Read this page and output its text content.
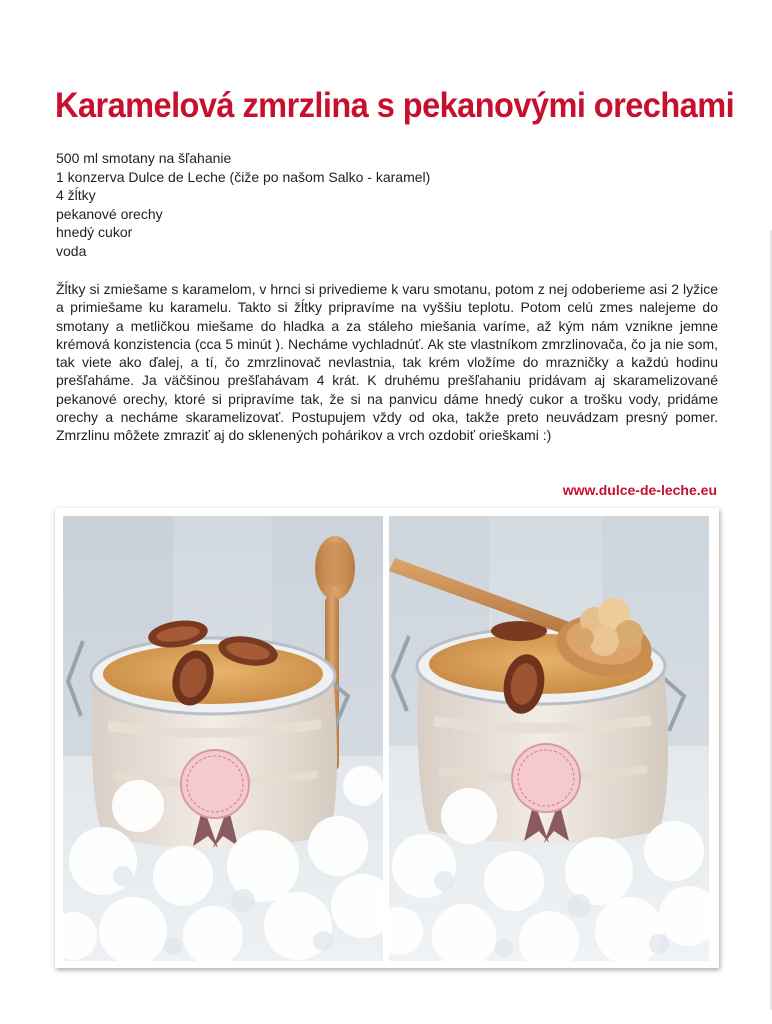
Karamelová zmrzlina s pekanovými orechami
500 ml smotany na šľahanie
1 konzerva Dulce de Leche (čiže po našom Salko - karamel)
4 žĺtky
pekanové orechy
hnedý cukor
voda

Žĺtky si zmiešame s karamelom, v hrnci si privedieme k varu smotanu, potom z nej odoberieme asi 2 lyžice a primiešame ku karamelu. Takto si žĺtky pripravíme na vyššiu teplotu. Potom celú zmes nalejeme do smotany a metličkou miešame do hladka a za stáleho miešania varíme, až kým nám vznikne jemne krémová konzistencia (cca 5 minút ). Necháme vychladnúť. Ak ste vlastníkom zmrzlinovača, čo ja nie som, tak viete ako ďalej, a tí, čo zmrzlinovač nevlastnia, tak krém vložíme do mrazničky a každú hodinu prešľaháme. Ja väčšinou prešľahávam 4 krát. K druhému prešľahaniu pridávam aj skaramelizované pekanové orechy, ktoré si pripravíme tak, že si na panvicu dáme hnedý cukor a trošku vody, pridáme orechy a necháme skaramelizovať. Postupujem vždy od oka, takže preto neuvádzam presný pomer. Zmrzlinu môžete zmraziť aj do sklenených pohárikov a vrch ozdobiť orieškami :)

www.dulce-de-leche.eu
